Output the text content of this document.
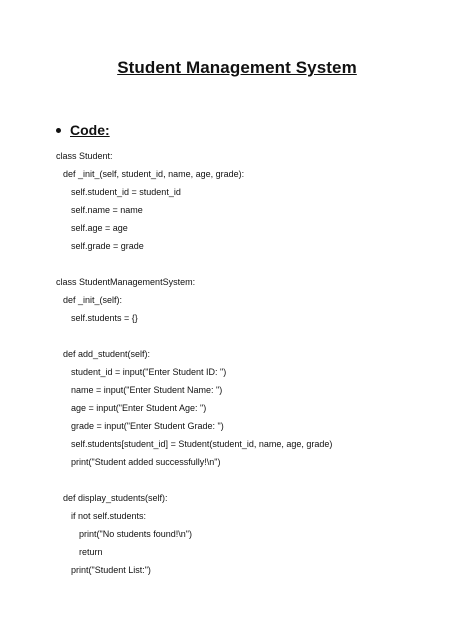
Student Management System
Code:
class Student:
def _init_(self, student_id, name, age, grade):
self.student_id = student_id
self.name = name
self.age = age
self.grade = grade
class StudentManagementSystem:
def _init_(self):
self.students = {}
def add_student(self):
student_id = input("Enter Student ID: ")
name = input("Enter Student Name: ")
age = input("Enter Student Age: ")
grade = input("Enter Student Grade: ")
self.students[student_id] = Student(student_id, name, age, grade)
print("Student added successfully!\n")
def display_students(self):
if not self.students:
print("No students found!\n")
return
print("Student List:")
